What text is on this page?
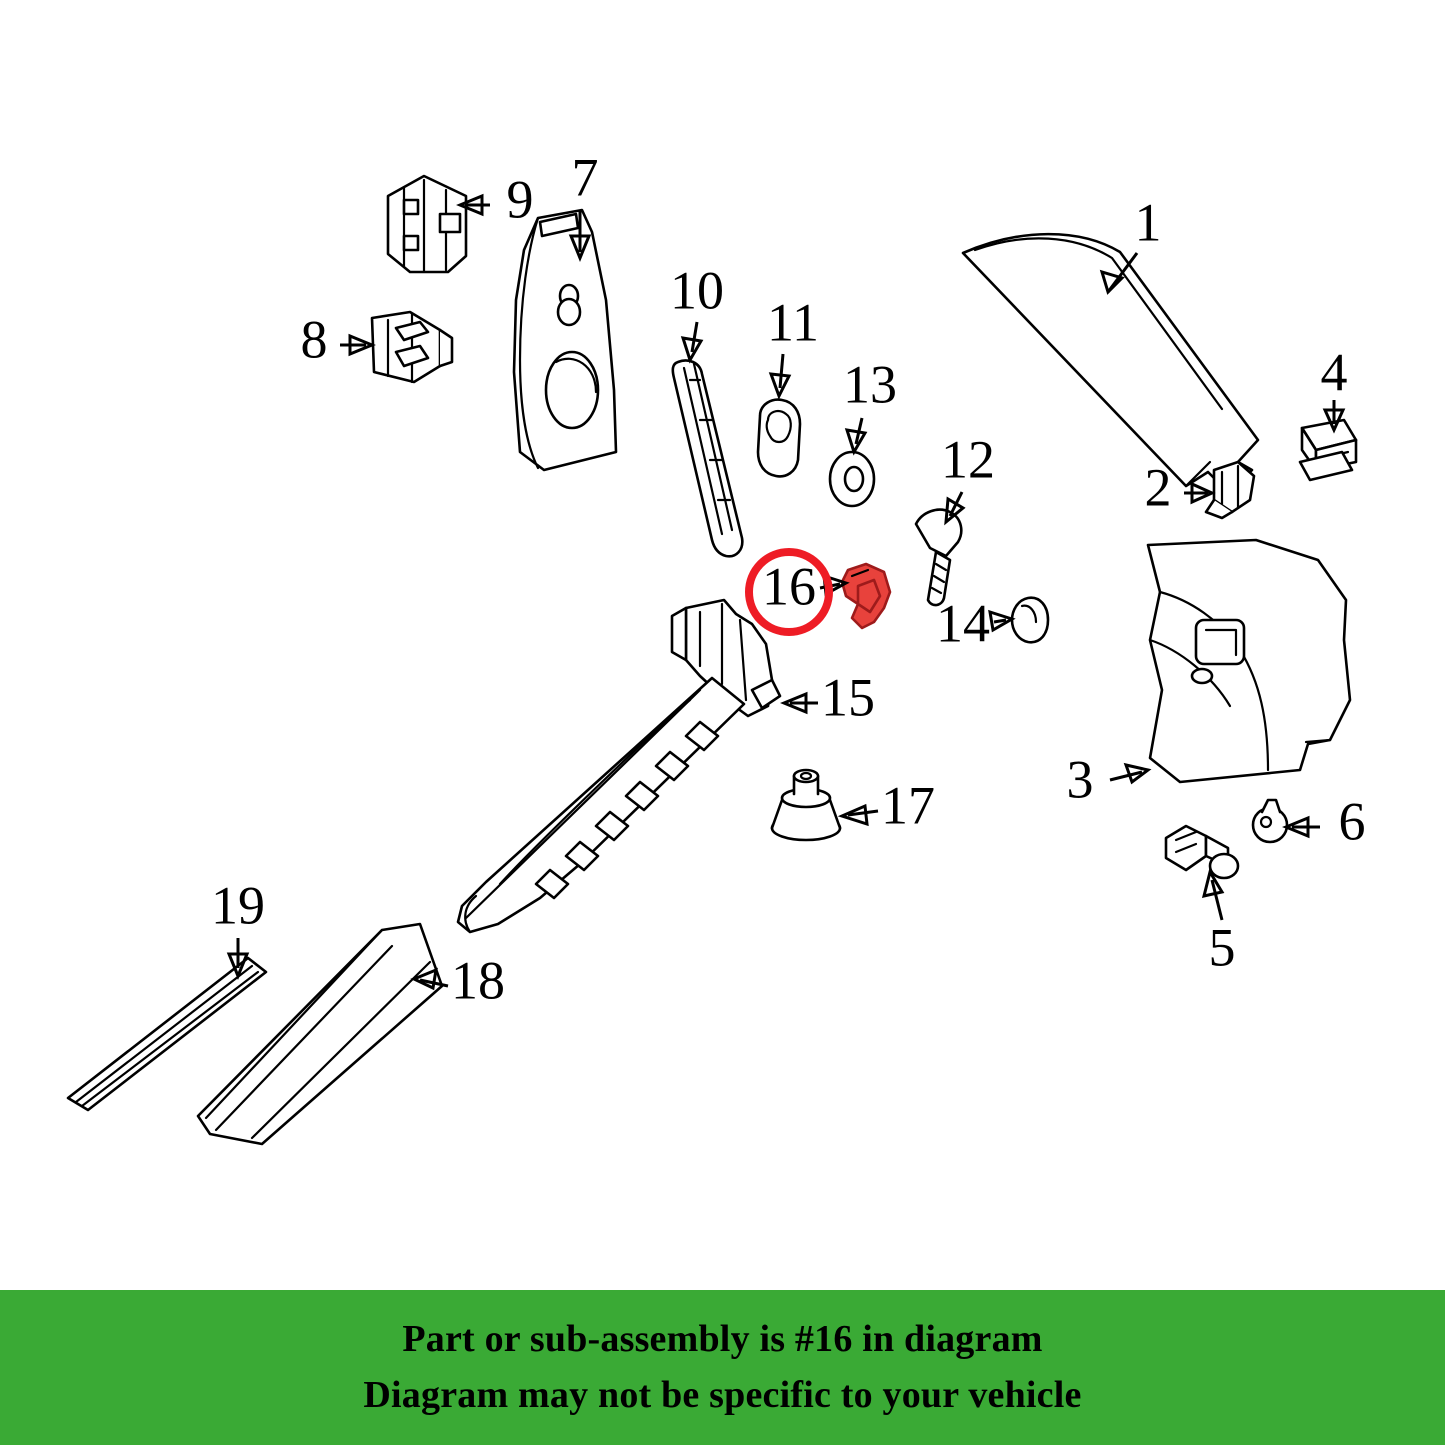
1
2
3
4
5
6
7
8
9
10
11
12
13
14
15
16
17
18
19
Part or sub-assembly is #16 in diagram
Diagram may not be specific to your vehicle
